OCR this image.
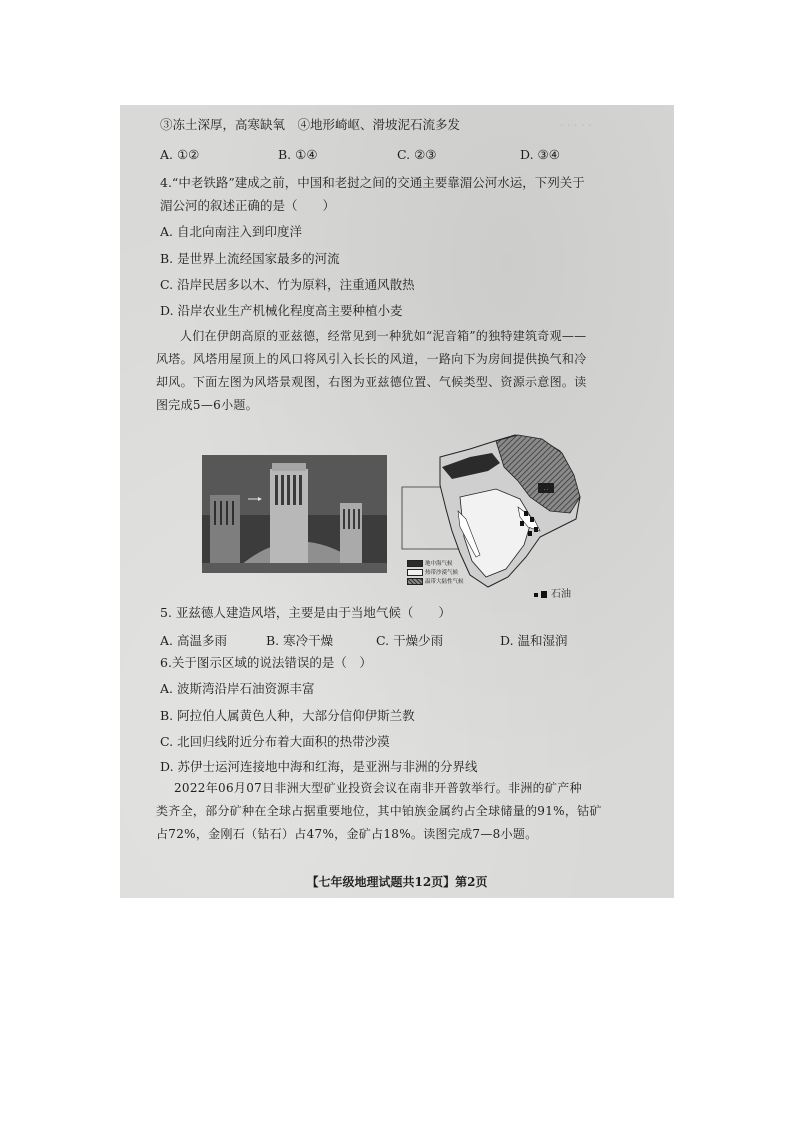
· · · · ·
③冻土深厚，高寒缺氧　④地形崎岖、滑坡泥石流多发
A. ①②	B. ①④	C. ②③	D. ③④
4.“中老铁路”建成之前，中国和老挝之间的交通主要靠湄公河水运，下列关于
湄公河的叙述正确的是（　　）
A. 自北向南注入到印度洋
B. 是世界上流经国家最多的河流
C. 沿岸民居多以木、竹为原料，注重通风散热
D. 沿岸农业生产机械化程度高主要种植小麦
人们在伊朗高原的亚兹德，经常见到一种犹如“泥音箱”的独特建筑奇观——
风塔。风塔用屋顶上的风口将风引入长长的风道，一路向下为房间提供换气和冷
却风。下面左图为风塔景观图，右图为亚兹德位置、气候类型、资源示意图。读
图完成5—6小题。
· ·
地中海气候
热带沙漠气候
温带大陆性气候
石油
5. 亚兹德人建造风塔，主要是由于当地气候（　　）
A. 高温多雨	B. 寒冷干燥	C. 干燥少雨	D. 温和湿润
6.关于图示区域的说法错误的是（　）
A. 波斯湾沿岸石油资源丰富
B. 阿拉伯人属黄色人种，大部分信仰伊斯兰教
C. 北回归线附近分布着大面积的热带沙漠
D. 苏伊士运河连接地中海和红海，是亚洲与非洲的分界线
2022年06月07日非洲大型矿业投资会议在南非开普敦举行。非洲的矿产种
类齐全，部分矿种在全球占据重要地位，其中铂族金属约占全球储量的91%，钴矿
占72%，金刚石（钻石）占47%，金矿占18%。读图完成7—8小题。
【七年级地理试题共12页】第2页
